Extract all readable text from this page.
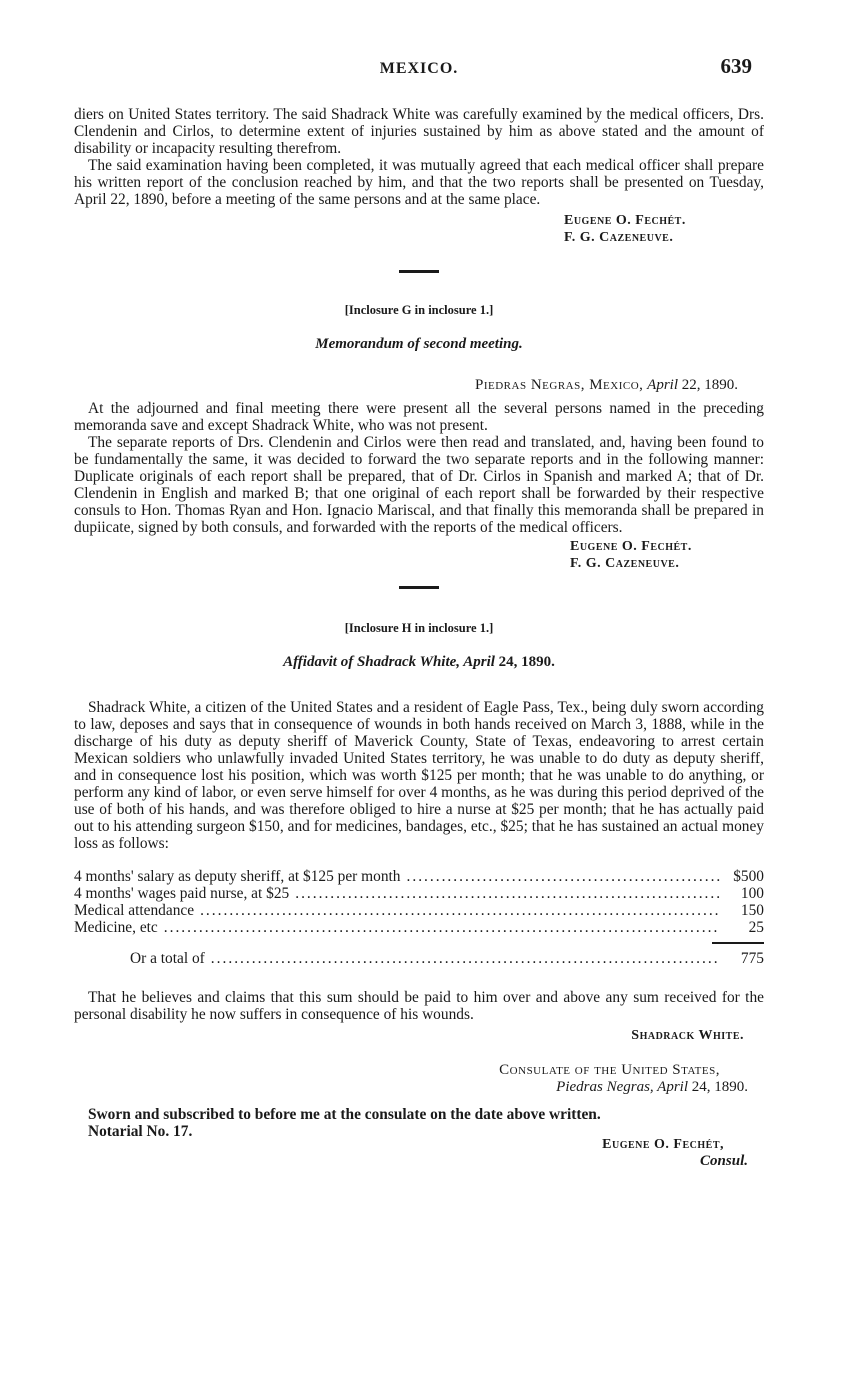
MEXICO.	639

diers on United States territory. The said Shadrack White was carefully examined by the medical officers, Drs. Clendenin and Cirlos, to determine extent of injuries sustained by him as above stated and the amount of disability or incapacity resulting therefrom.

The said examination having been completed, it was mutually agreed that each medical officer shall prepare his written report of the conclusion reached by him, and that the two reports shall be presented on Tuesday, April 22, 1890, before a meeting of the same persons and at the same place.

Eugene O. Fechét.
F. G. Cazeneuve.
[Inclosure G in inclosure 1.]
Memorandum of second meeting.
Piedras Negras, Mexico, April 22, 1890.

At the adjourned and final meeting there were present all the several persons named in the preceding memoranda save and except Shadrack White, who was not present.

The separate reports of Drs. Clendenin and Cirlos were then read and translated, and, having been found to be fundamentally the same, it was decided to forward the two separate reports and in the following manner: Duplicate originals of each report shall be prepared, that of Dr. Cirlos in Spanish and marked A; that of Dr. Clendenin in English and marked B; that one original of each report shall be forwarded by their respective consuls to Hon. Thomas Ryan and Hon. Ignacio Mariscal, and that finally this memoranda shall be prepared in dupiicate, signed by both consuls, and forwarded with the reports of the medical officers.

Eugene O. Fechét.
F. G. Cazeneuve.
[Inclosure H in inclosure 1.]
Affidavit of Shadrack White, April 24, 1890.

Shadrack White, a citizen of the United States and a resident of Eagle Pass, Tex., being duly sworn according to law, deposes and says that in consequence of wounds in both hands received on March 3, 1888, while in the discharge of his duty as deputy sheriff of Maverick County, State of Texas, endeavoring to arrest certain Mexican soldiers who unlawfully invaded United States territory, he was unable to do duty as deputy sheriff, and in consequence lost his position, which was worth $125 per month; that he was unable to do anything, or perform any kind of labor, or even serve himself for over 4 months, as he was during this period deprived of the use of both of his hands, and was therefore obliged to hire a nurse at $25 per month; that he has actually paid out to his attending surgeon $150, and for medicines, bandages, etc., $25; that he has sustained an actual money loss as follows:

4 months' salary as deputy sheriff, at $125 per month .....	$500
4 months' wages paid nurse, at $25 .....	100
Medical attendance .....	150
Medicine, etc .....	25
Or a total of .....	775

That he believes and claims that this sum should be paid to him over and above any sum received for the personal disability he now suffers in consequence of his wounds.

Shadrack White.
Consulate of the United States,
Piedras Negras, April 24, 1890.

Sworn and subscribed to before me at the consulate on the date above written.

Notarial No. 17.

Eugene O. Fechét,
Consul.
